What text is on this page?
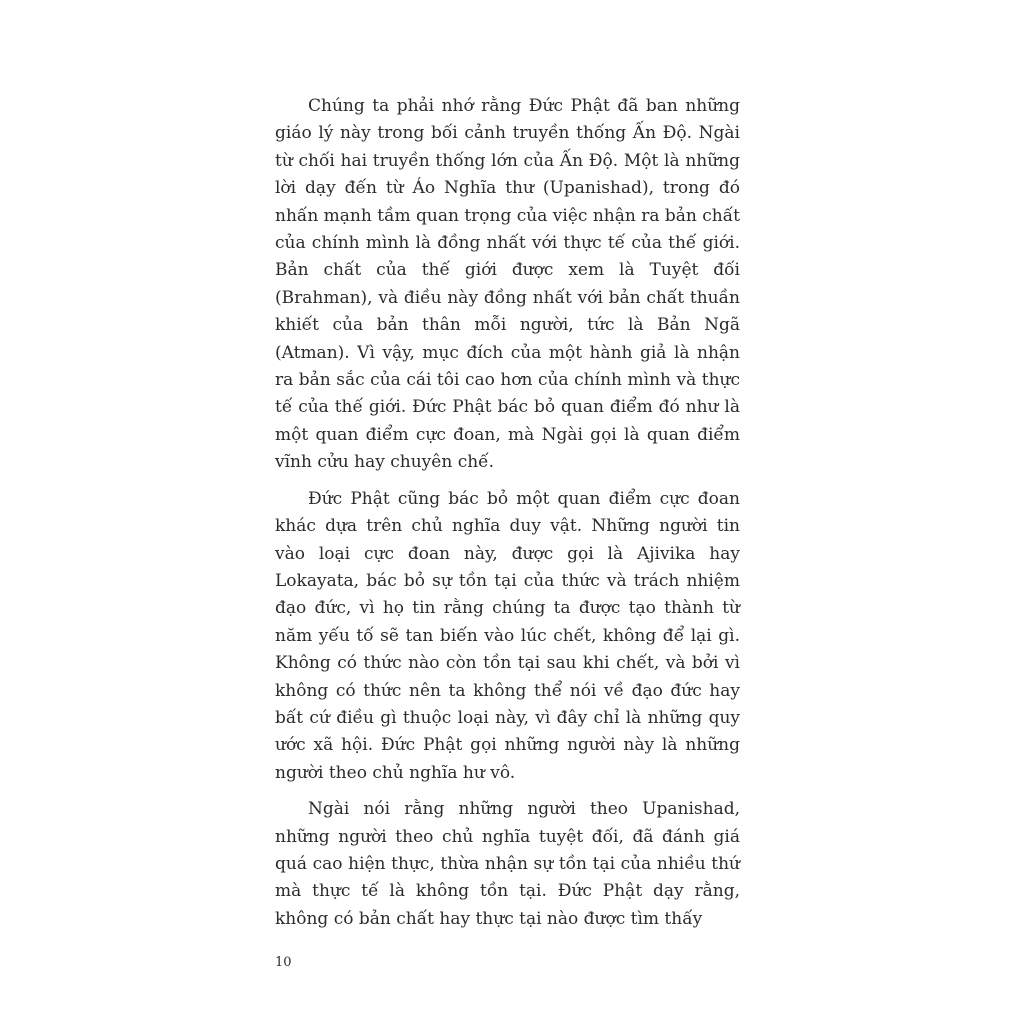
Chúng ta phải nhớ rằng Đức Phật đã ban những giáo lý này trong bối cảnh truyền thống Ấn Độ. Ngài từ chối hai truyền thống lớn của Ấn Độ. Một là những lời dạy đến từ Áo Nghĩa thư (Upanishad), trong đó nhấn mạnh tầm quan trọng của việc nhận ra bản chất của chính mình là đồng nhất với thực tế của thế giới. Bản chất của thế giới được xem là Tuyệt đối (Brahman), và điều này đồng nhất với bản chất thuần khiết của bản thân mỗi người, tức là Bản Ngã (Atman). Vì vậy, mục đích của một hành giả là nhận ra bản sắc của cái tôi cao hơn của chính mình và thực tế của thế giới. Đức Phật bác bỏ quan điểm đó như là một quan điểm cực đoan, mà Ngài gọi là quan điểm vĩnh cửu hay chuyên chế.

Đức Phật cũng bác bỏ một quan điểm cực đoan khác dựa trên chủ nghĩa duy vật. Những người tin vào loại cực đoan này, được gọi là Ajivika hay Lokayata, bác bỏ sự tồn tại của thức và trách nhiệm đạo đức, vì họ tin rằng chúng ta được tạo thành từ năm yếu tố sẽ tan biến vào lúc chết, không để lại gì. Không có thức nào còn tồn tại sau khi chết, và bởi vì không có thức nên ta không thể nói về đạo đức hay bất cứ điều gì thuộc loại này, vì đây chỉ là những quy ước xã hội. Đức Phật gọi những người này là những người theo chủ nghĩa hư vô.

Ngài nói rằng những người theo Upanishad, những người theo chủ nghĩa tuyệt đối, đã đánh giá quá cao hiện thực, thừa nhận sự tồn tại của nhiều thứ mà thực tế là không tồn tại. Đức Phật dạy rằng, không có bản chất hay thực tại nào được tìm thấy

10
